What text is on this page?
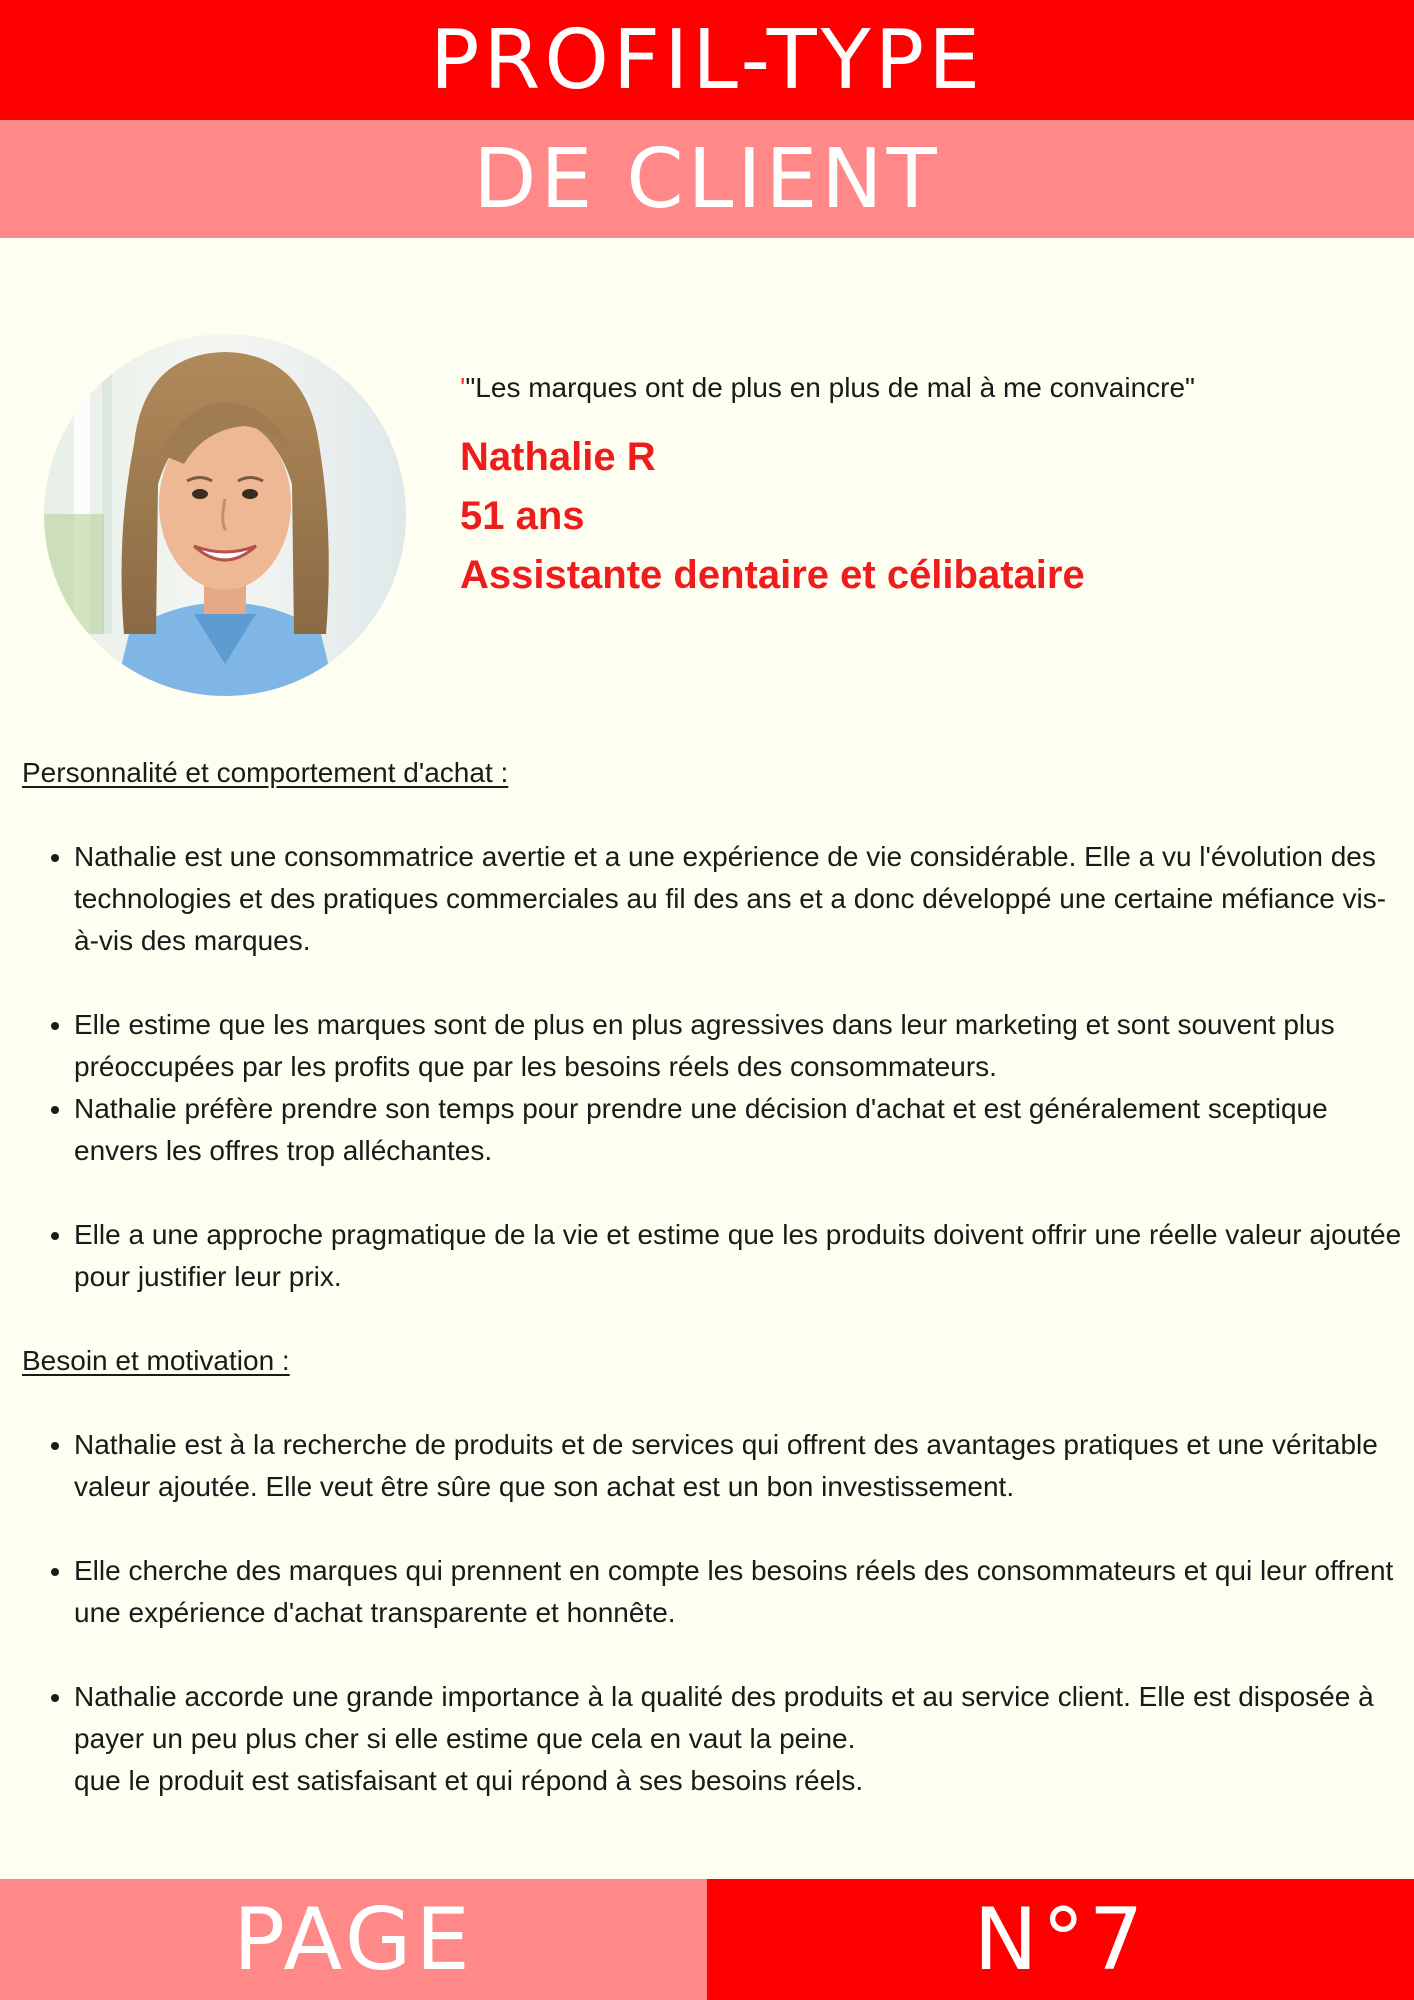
PROFIL-TYPE
DE CLIENT
'"Les marques ont de plus en plus de mal à me convaincre"
Nathalie R
51 ans
Assistante dentaire et célibataire

Personnalité et comportement d'achat :

• Nathalie est une consommatrice avertie et a une expérience de vie considérable. Elle a vu l'évolution des technologies et des pratiques commerciales au fil des ans et a donc développé une certaine méfiance vis-à-vis des marques.
• Elle estime que les marques sont de plus en plus agressives dans leur marketing et sont souvent plus préoccupées par les profits que par les besoins réels des consommateurs.
• Nathalie préfère prendre son temps pour prendre une décision d'achat et est généralement sceptique envers les offres trop alléchantes.
• Elle a une approche pragmatique de la vie et estime que les produits doivent offrir une réelle valeur ajoutée pour justifier leur prix.

Besoin et motivation :

• Nathalie est à la recherche de produits et de services qui offrent des avantages pratiques et une véritable valeur ajoutée. Elle veut être sûre que son achat est un bon investissement.
• Elle cherche des marques qui prennent en compte les besoins réels des consommateurs et qui leur offrent une expérience d'achat transparente et honnête.
• Nathalie accorde une grande importance à la qualité des produits et au service client. Elle est disposée à payer un peu plus cher si elle estime que cela en vaut la peine.
que le produit est satisfaisant et qui répond à ses besoins réels.
PAGE	N°7
